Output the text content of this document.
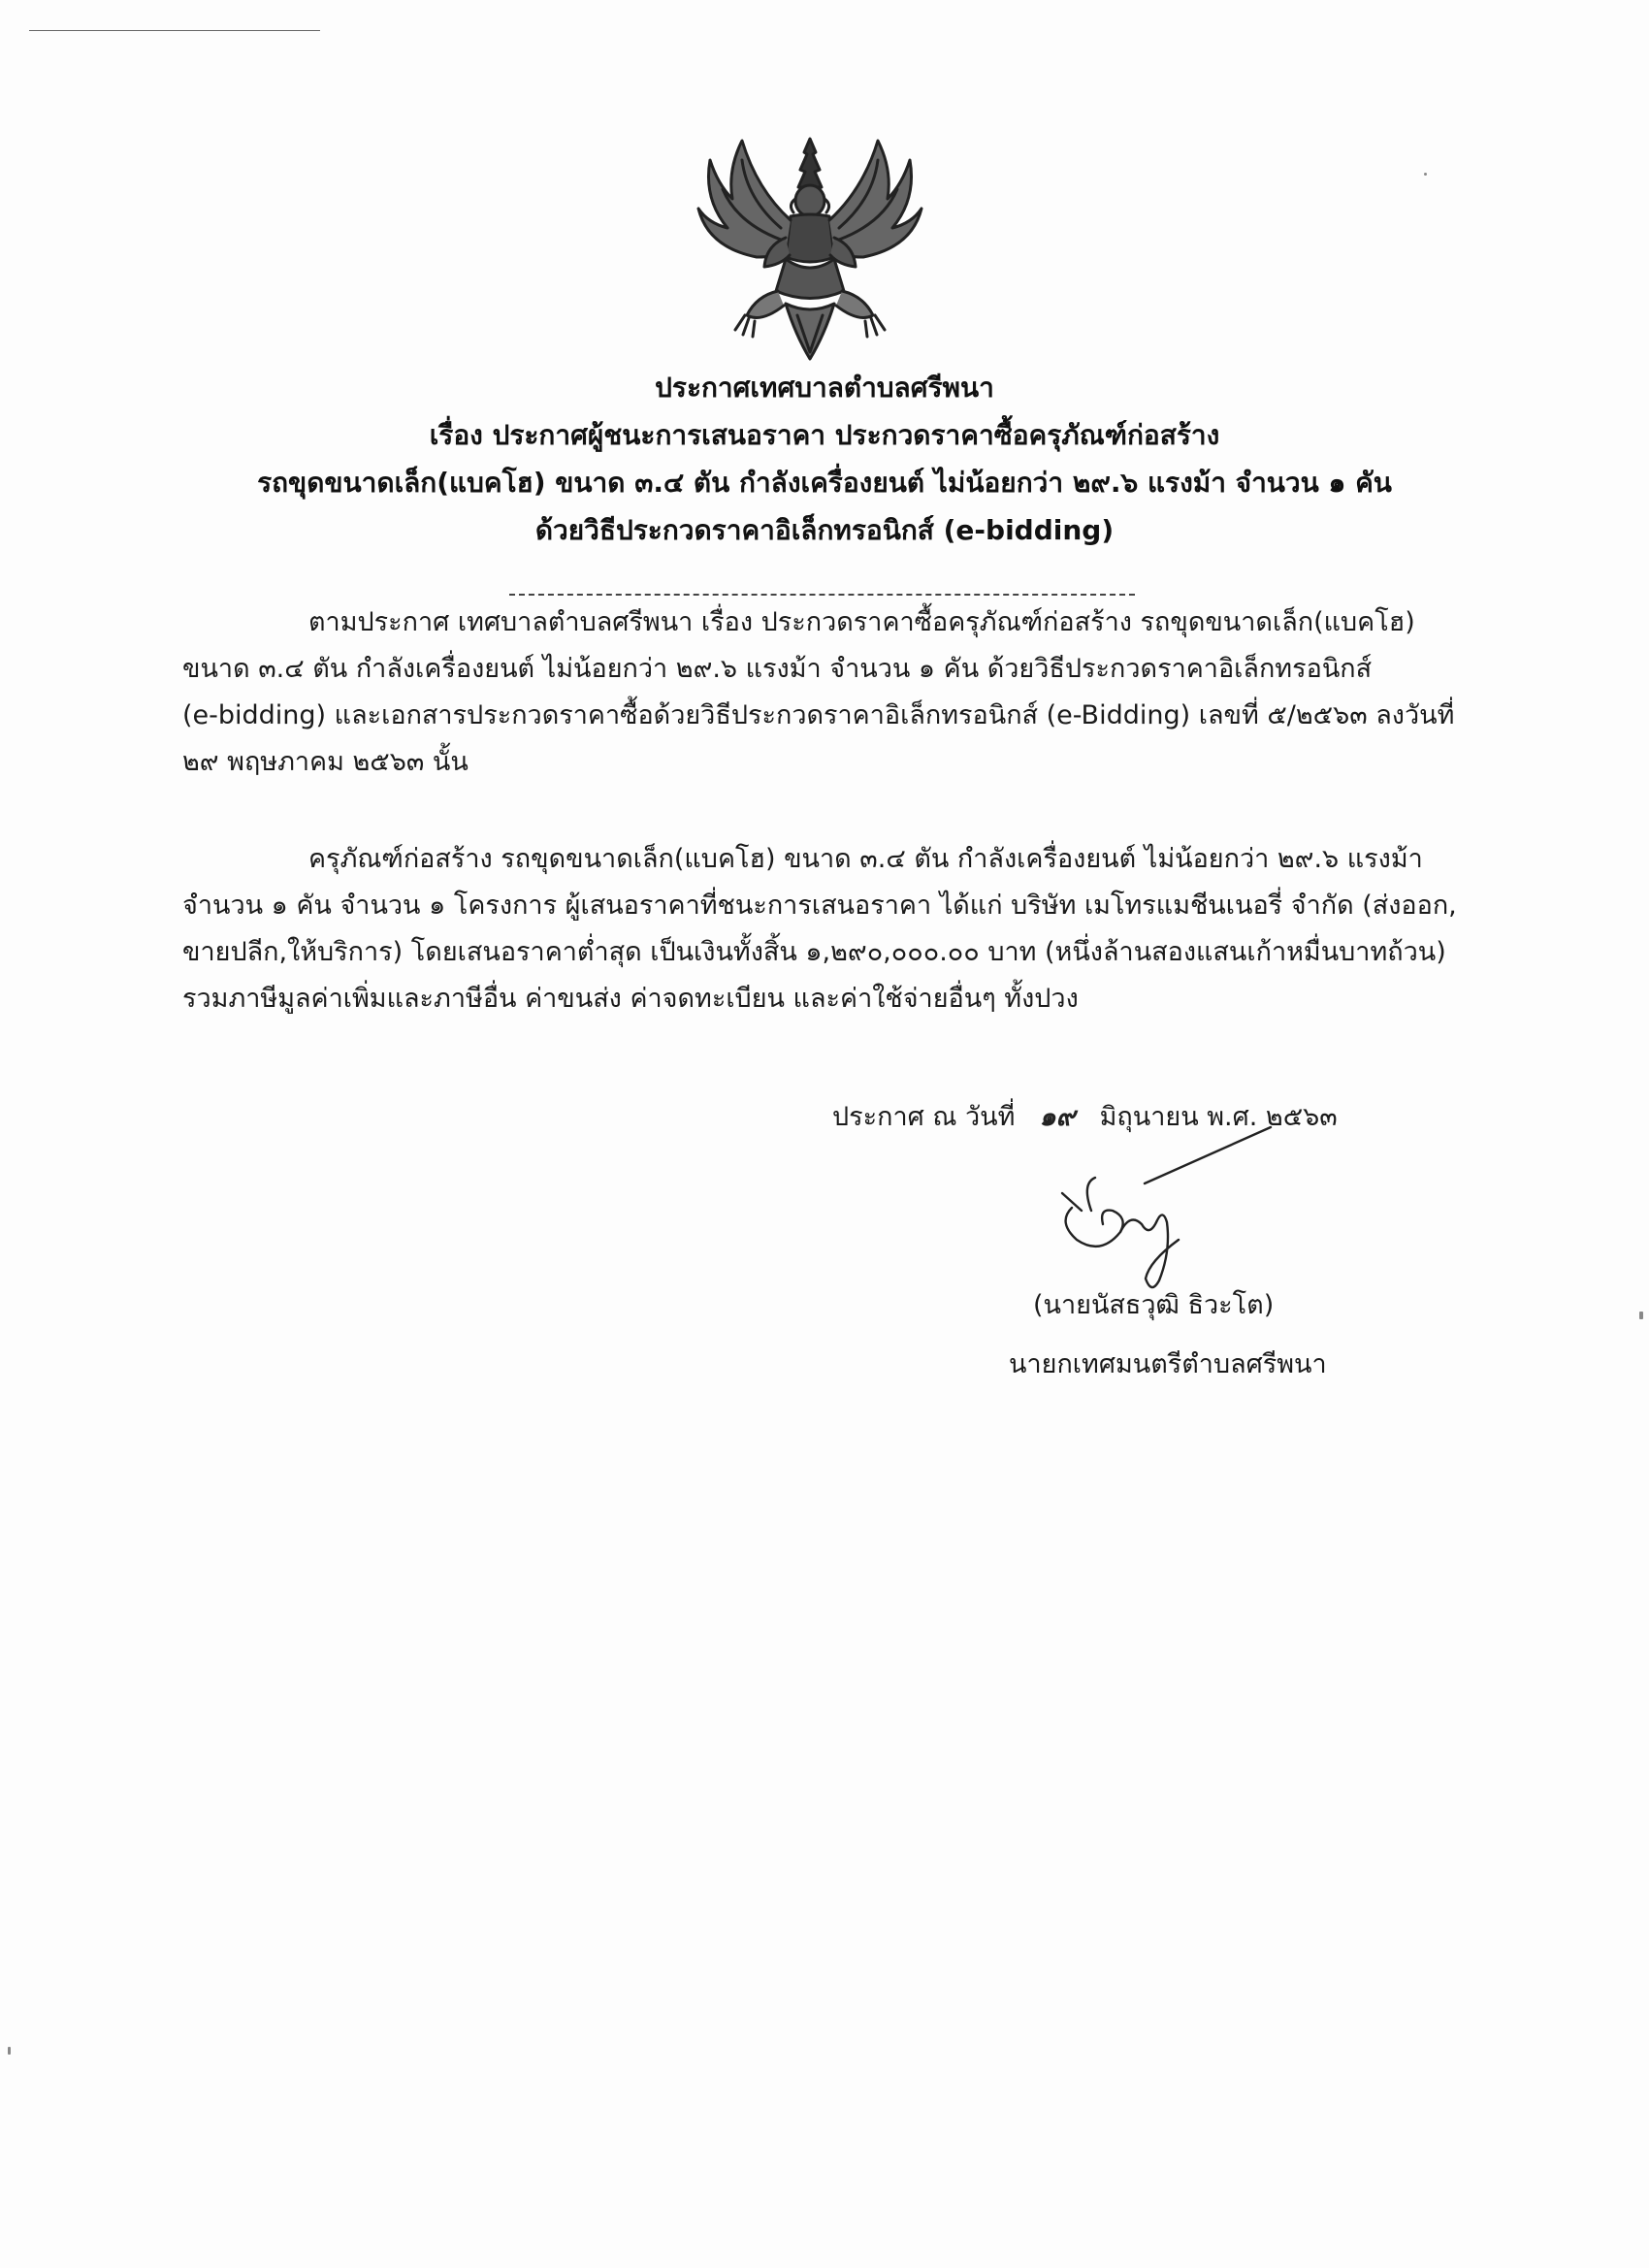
ประกาศเทศบาลตำบลศรีพนา
เรื่อง ประกาศผู้ชนะการเสนอราคา ประกวดราคาซื้อครุภัณฑ์ก่อสร้าง
รถขุดขนาดเล็ก(แบคโฮ) ขนาด ๓.๔ ตัน กำลังเครื่องยนต์ ไม่น้อยกว่า ๒๙.๖ แรงม้า จำนวน ๑ คัน
ด้วยวิธีประกวดราคาอิเล็กทรอนิกส์ (e-bidding)
ตามประกาศ เทศบาลตำบลศรีพนา เรื่อง ประกวดราคาซื้อครุภัณฑ์ก่อสร้าง รถขุดขนาดเล็ก(แบคโฮ)
ขนาด ๓.๔ ตัน กำลังเครื่องยนต์ ไม่น้อยกว่า ๒๙.๖ แรงม้า จำนวน ๑ คัน ด้วยวิธีประกวดราคาอิเล็กทรอนิกส์
(e-bidding) และเอกสารประกวดราคาซื้อด้วยวิธีประกวดราคาอิเล็กทรอนิกส์ (e-Bidding) เลขที่ ๕/๒๕๖๓ ลงวันที่
๒๙ พฤษภาคม ๒๕๖๓ นั้น
ครุภัณฑ์ก่อสร้าง รถขุดขนาดเล็ก(แบคโฮ) ขนาด ๓.๔ ตัน กำลังเครื่องยนต์ ไม่น้อยกว่า ๒๙.๖ แรงม้า
จำนวน ๑ คัน จำนวน ๑ โครงการ ผู้เสนอราคาที่ชนะการเสนอราคา ได้แก่ บริษัท เมโทรแมชีนเนอรี่ จำกัด (ส่งออก,
ขายปลีก,ให้บริการ) โดยเสนอราคาต่ำสุด เป็นเงินทั้งสิ้น ๑,๒๙๐,๐๐๐.๐๐ บาท (หนึ่งล้านสองแสนเก้าหมื่นบาทถ้วน)
รวมภาษีมูลค่าเพิ่มและภาษีอื่น ค่าขนส่ง ค่าจดทะเบียน และค่าใช้จ่ายอื่นๆ ทั้งปวง
ประกาศ ณ วันที่ ๑๙ มิถุนายน พ.ศ. ๒๕๖๓
(นายนัสธวุฒิ ธิวะโต)
นายกเทศมนตรีตำบลศรีพนา
